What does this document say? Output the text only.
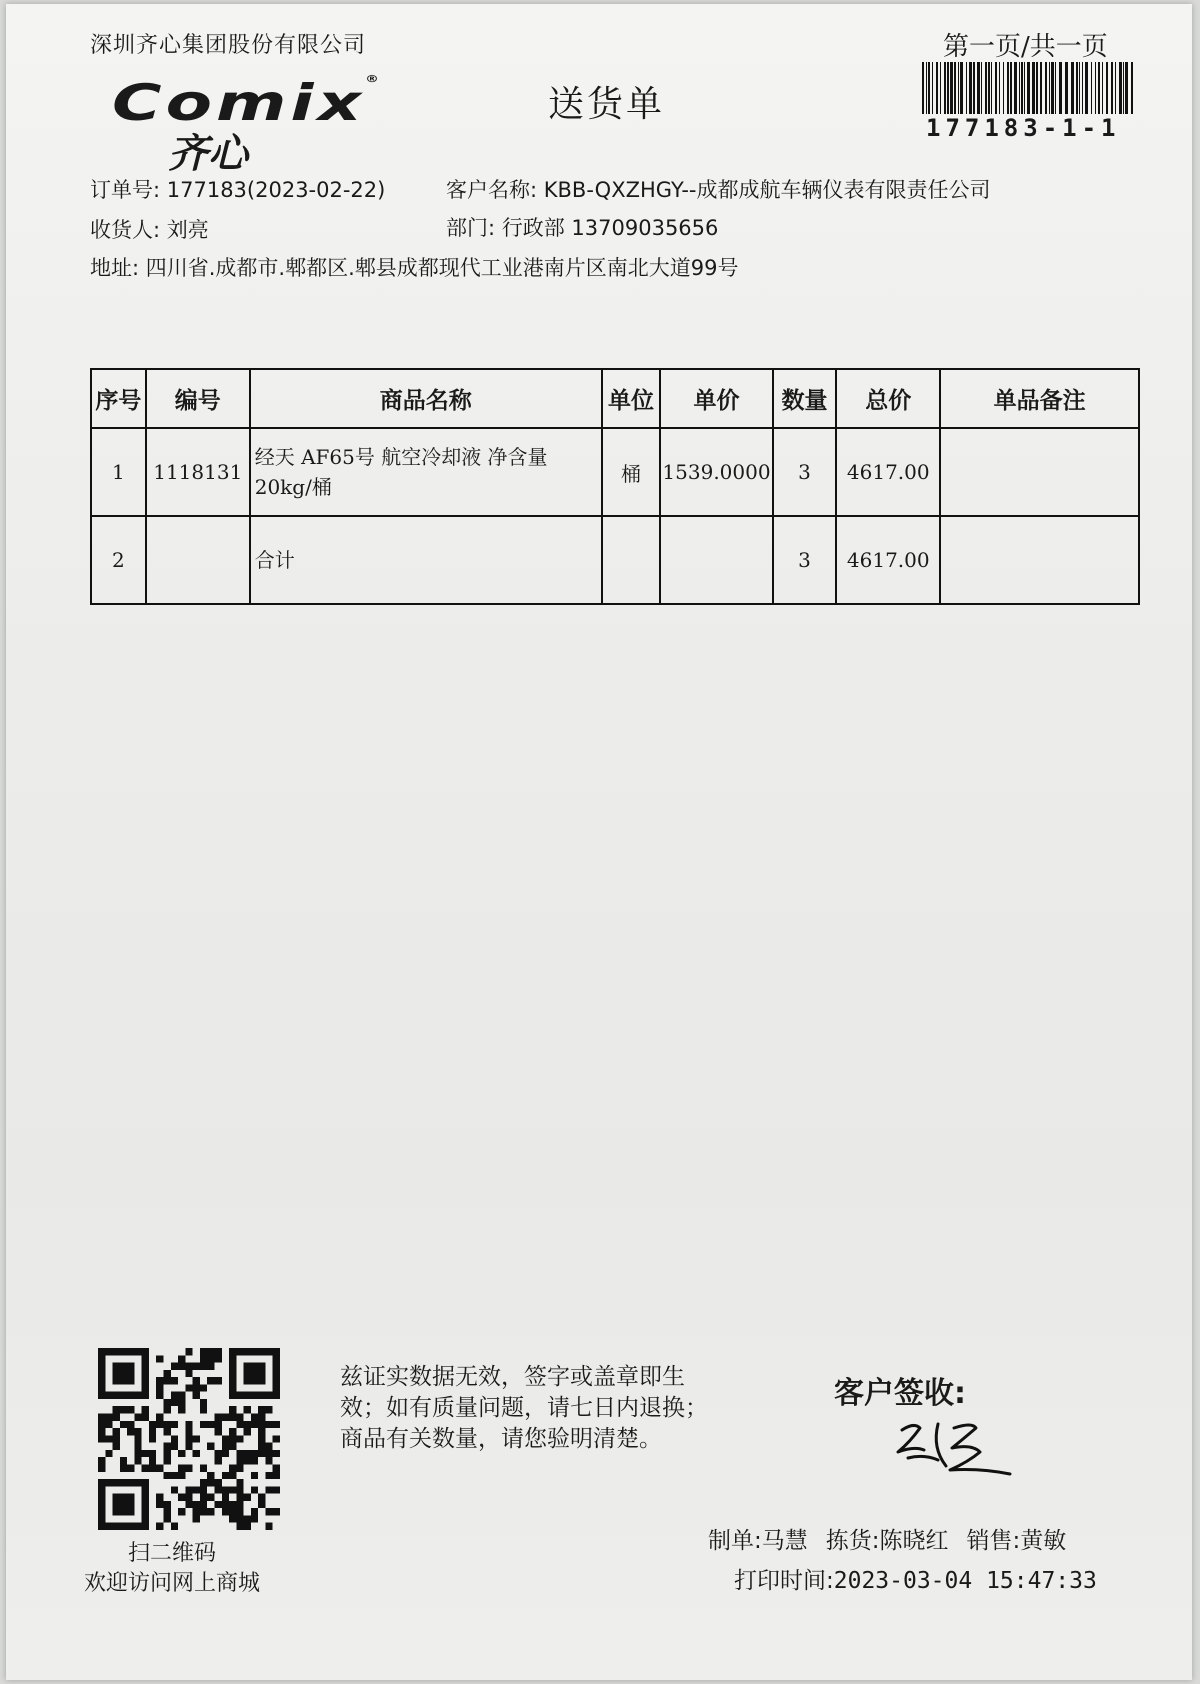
深圳齐心集团股份有限公司	第一页/共一页
177183-1-1
Comix®
齐心
送货单
订单号: 177183(2023-02-22)	客户名称: KBB-QXZHGY--成都成航车辆仪表有限责任公司
收货人: 刘亮	部门: 行政部 13709035656
地址: 四川省.成都市.郫都区.郫县成都现代工业港南片区南北大道99号
序号	编号	商品名称	单位	单价	数量	总价	单品备注
1	1118131	经天 AF65号 航空冷却液 净含量20kg/桶	桶	1539.0000	3	4617.00	
2		合计			3	4617.00	
扫二维码
欢迎访问网上商城
兹证实数据无效，签字或盖章即生
效；如有质量问题，请七日内退换；
商品有关数量，请您验明清楚。
客户签收:
制单:马慧 拣货:陈晓红 销售:黄敏
打印时间:2023-03-04 15:47:33
